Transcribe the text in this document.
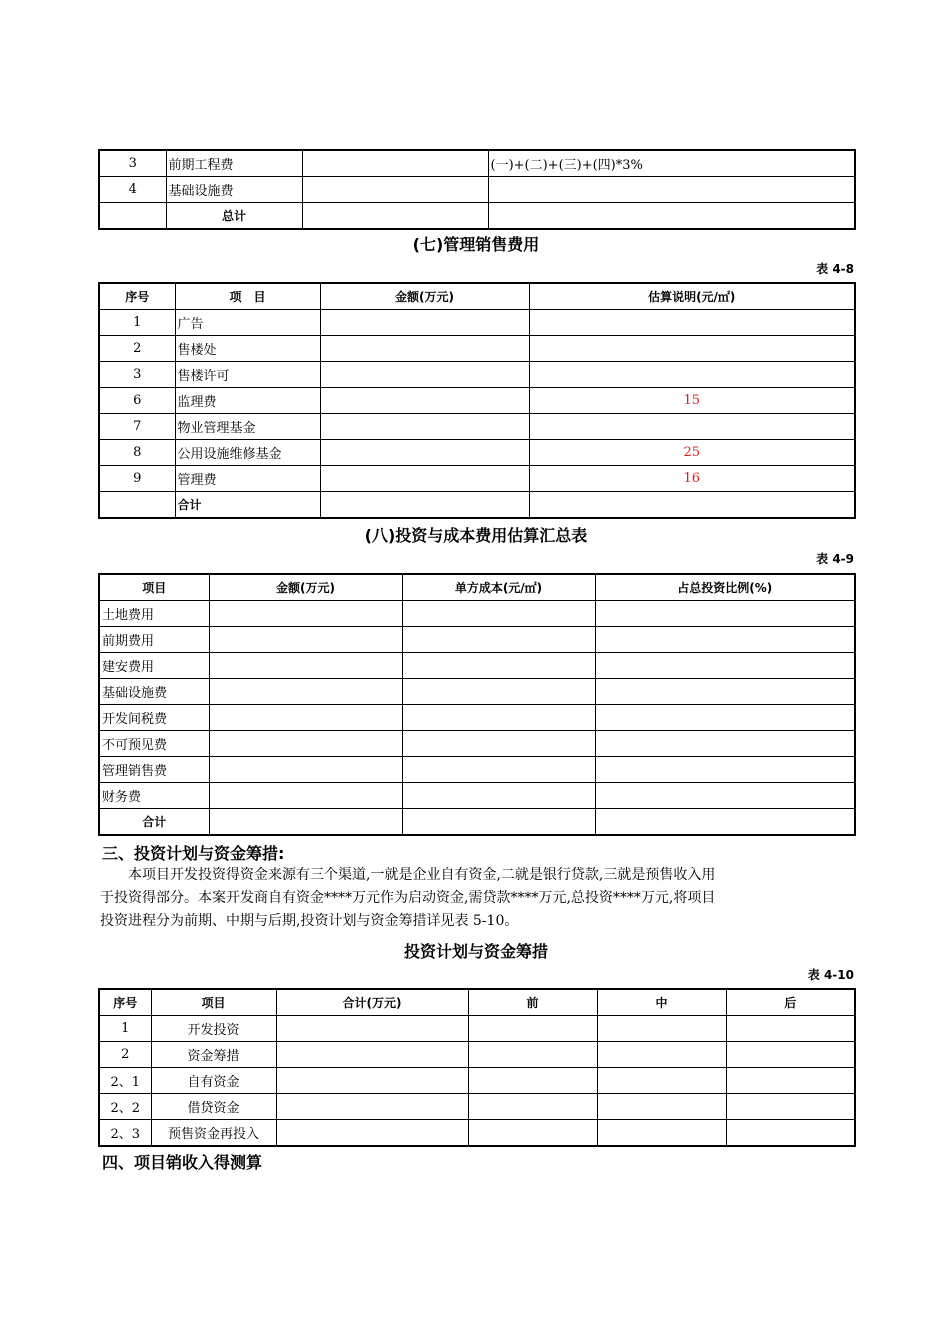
3	前期工程费		(一)+(二)+(三)+(四)*3%
4	基础设施费		
	总计		
(七)管理销售费用
表 4-8
序号	项　目	金额(万元)	估算说明(元/㎡)
1	广告		
2	售楼处		
3	售楼许可		
6	监理费		15
7	物业管理基金		
8	公用设施维修基金		25
9	管理费		16
	合计		
(八)投资与成本费用估算汇总表
表 4-9
项目	金额(万元)	单方成本(元/㎡)	占总投资比例(%)
土地费用			
前期费用			
建安费用			
基础设施费			
开发间税费			
不可预见费			
管理销售费			
财务费			
合计			
三、投资计划与资金筹措:

本项目开发投资得资金来源有三个渠道,一就是企业自有资金,二就是银行贷款,三就是预售收入用

于投资得部分。本案开发商自有资金****万元作为启动资金,需贷款****万元,总投资****万元,将项目

投资进程分为前期、中期与后期,投资计划与资金筹措详见表 5-10。

投资计划与资金筹措
表 4-10
序号	项目	合计(万元)	前	中	后
1	开发投资				
2	资金筹措				
2、1	自有资金				
2、2	借贷资金				
2、3	预售资金再投入				
四、项目销收入得测算
